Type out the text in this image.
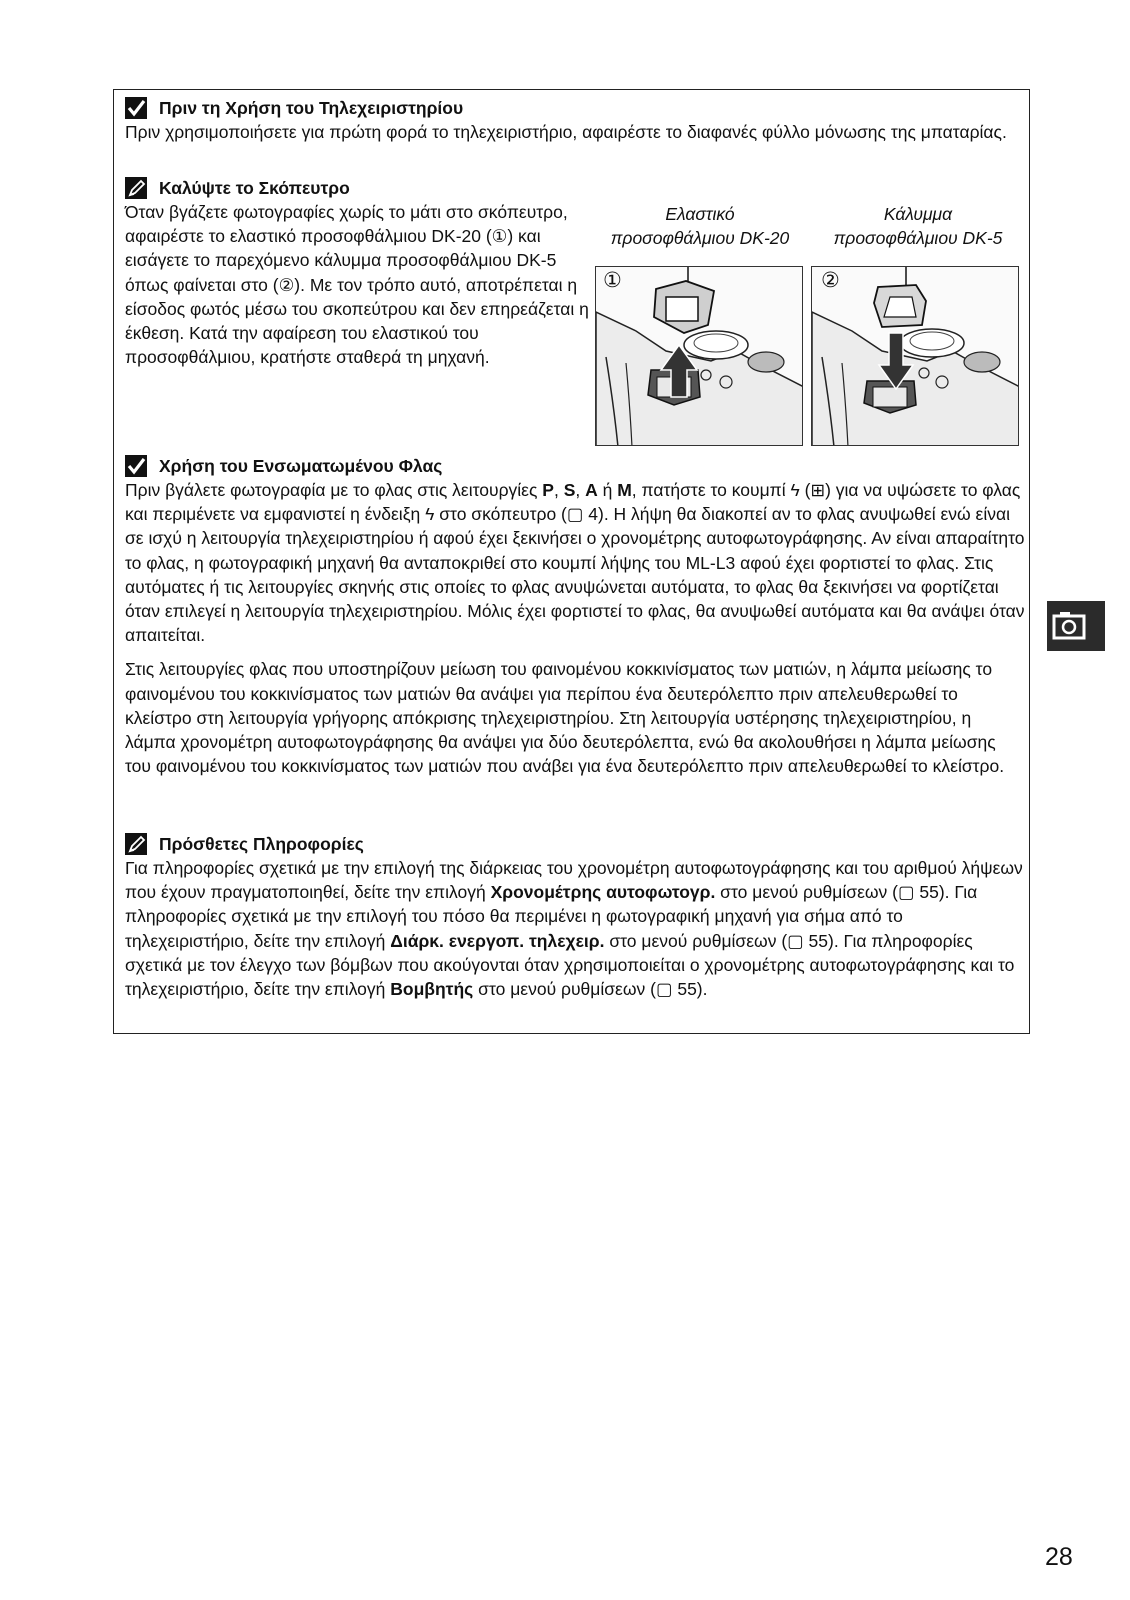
Πριν τη Χρήση του Τηλεχειριστηρίου

Πριν χρησιμοποιήσετε για πρώτη φορά το τηλεχειριστήριο, αφαιρέστε το διαφανές φύλλο μόνωσης της μπαταρίας.

Καλύψτε το Σκόπευτρο

Όταν βγάζετε φωτογραφίες χωρίς το μάτι στο σκόπευτρο, αφαιρέστε το ελαστικό προσοφθάλμιου DK-20 (①) και εισάγετε το παρεχόμενο κάλυμμα προσοφθάλμιου DK-5 όπως φαίνεται στο (②). Με τον τρόπο αυτό, αποτρέπεται η είσοδος φωτός μέσω του σκοπεύτρου και δεν επηρεάζεται η έκθεση. Κατά την αφαίρεση του ελαστικού του προσοφθάλμιου, κρατήστε σταθερά τη μηχανή.

Ελαστικό
προσοφθάλμιου DK-20
①
Κάλυμμα
προσοφθάλμιου DK-5
②
Χρήση του Ενσωματωμένου Φλας

Πριν βγάλετε φωτογραφία με το φλας στις λειτουργίες P, S, A ή M, πατήστε το κουμπί ϟ (⊞) για να υψώσετε το φλας και περιμένετε να εμφανιστεί η ένδειξη ϟ στο σκόπευτρο (▢ 4). Η λήψη θα διακοπεί αν το φλας ανυψωθεί ενώ είναι σε ισχύ η λειτουργία τηλεχειριστηρίου ή αφού έχει ξεκινήσει ο χρονομέτρης αυτοφωτογράφησης. Αν είναι απαραίτητο το φλας, η φωτογραφική μηχανή θα ανταποκριθεί στο κουμπί λήψης του ML-L3 αφού έχει φορτιστεί το φλας. Στις αυτόματες ή τις λειτουργίες σκηνής στις οποίες το φλας ανυψώνεται αυτόματα, το φλας θα ξεκινήσει να φορτίζεται όταν επιλεγεί η λειτουργία τηλεχειριστηρίου. Μόλις έχει φορτιστεί το φλας, θα ανυψωθεί αυτόματα και θα ανάψει όταν απαιτείται.

Στις λειτουργίες φλας που υποστηρίζουν μείωση του φαινομένου κοκκινίσματος των ματιών, η λάμπα μείωσης το φαινομένου του κοκκινίσματος των ματιών θα ανάψει για περίπου ένα δευτερόλεπτο πριν απελευθερωθεί το κλείστρο στη λειτουργία γρήγορης απόκρισης τηλεχειριστηρίου. Στη λειτουργία υστέρησης τηλεχειριστηρίου, η λάμπα χρονομέτρη αυτοφωτογράφησης θα ανάψει για δύο δευτερόλεπτα, ενώ θα ακολουθήσει η λάμπα μείωσης του φαινομένου του κοκκινίσματος των ματιών που ανάβει για ένα δευτερόλεπτο πριν απελευθερωθεί το κλείστρο.

Πρόσθετες Πληροφορίες

Για πληροφορίες σχετικά με την επιλογή της διάρκειας του χρονομέτρη αυτοφωτογράφησης και του αριθμού λήψεων που έχουν πραγματοποιηθεί, δείτε την επιλογή Χρονομέτρης αυτοφωτογρ. στο μενού ρυθμίσεων (▢ 55). Για πληροφορίες σχετικά με την επιλογή του πόσο θα περιμένει η φωτογραφική μηχανή για σήμα από το τηλεχειριστήριο, δείτε την επιλογή Διάρκ. ενεργοπ. τηλεχειρ. στο μενού ρυθμίσεων (▢ 55). Για πληροφορίες σχετικά με τον έλεγχο των βόμβων που ακούγονται όταν χρησιμοποιείται ο χρονομέτρης αυτοφωτογράφησης και το τηλεχειριστήριο, δείτε την επιλογή Βομβητής στο μενού ρυθμίσεων (▢ 55).

28
